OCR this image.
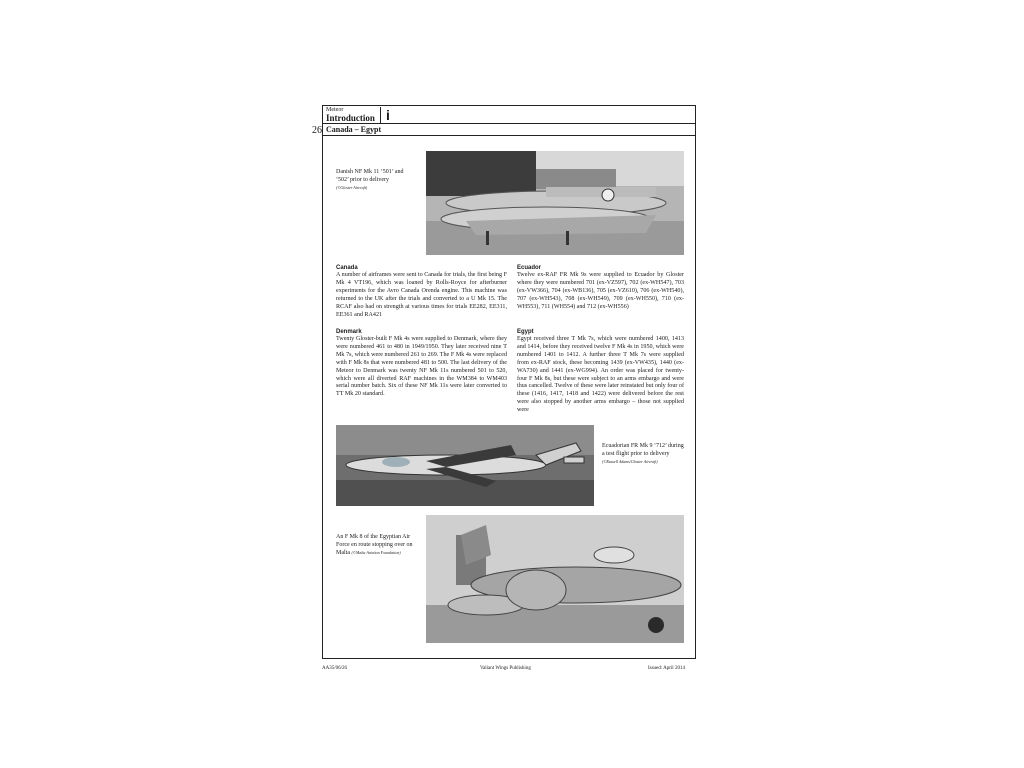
Meteor
Introduction i
26 Canada – Egypt
Danish NF Mk 11 ‘501’ and ‘502’ prior to delivery
(©Gloster Aircraft)
Canada

A number of airframes were sent to Canada for trials, the first being F Mk 4 VT196, which was loaned by Rolls-Royce for afterburner experiments for the Avro Canada Orenda engine. This machine was returned to the UK after the trials and converted to a U Mk 15. The RCAF also had on strength at various times for trials EE282, EE311, EE361 and RA421

Denmark

Twenty Gloster-built F Mk 4s were supplied to Denmark, where they were numbered 461 to 480 in 1949/1950. They later received nine T Mk 7s, which were numbered 261 to 269. The F Mk 4s were replaced with F Mk 8s that were numbered 481 to 500. The last delivery of the Meteor to Denmark was twenty NF Mk 11s numbered 501 to 520, which were all diverted RAF machines in the WM384 to WM403 serial number batch. Six of these NF Mk 11s were later converted to TT Mk 20 standard.

Ecuador

Twelve ex-RAF FR Mk 9s were supplied to Ecuador by Gloster where they were numbered 701 (ex-VZ597), 702 (ex-WH547), 703 (ex-VW366), 704 (ex-WB136), 705 (ex-VZ610), 706 (ex-WH540), 707 (ex-WH543), 708 (ex-WH549), 709 (ex-WH550), 710 (ex-WH553), 711 (WH554) and 712 (ex-WH556)

Egypt

Egypt received three T Mk 7s, which were numbered 1400, 1413 and 1414, before they received twelve F Mk 4s in 1950, which were numbered 1401 to 1412. A further three T Mk 7s were supplied from ex-RAF stock, these becoming 1439 (ex-VW435), 1440 (ex-WA730) and 1441 (ex-WG994). An order was placed for twenty-four F Mk 8s, but these were subject to an arms embargo and were thus cancelled. Twelve of these were later reinstated but only four of these (1416, 1417, 1418 and 1422) were delivered before the rest were also stopped by another arms embargo – those not supplied were

Ecuadorian FR Mk 9 ‘712’ during a test flight prior to delivery (©Russell Adams/Gloster Aircraft)
An F Mk 8 of the Egyptian Air Force en route stopping over on Malta (©Malta Aviation Foundation)
AA35/06/26	Valiant Wings Publishing	Issued: April 2014
